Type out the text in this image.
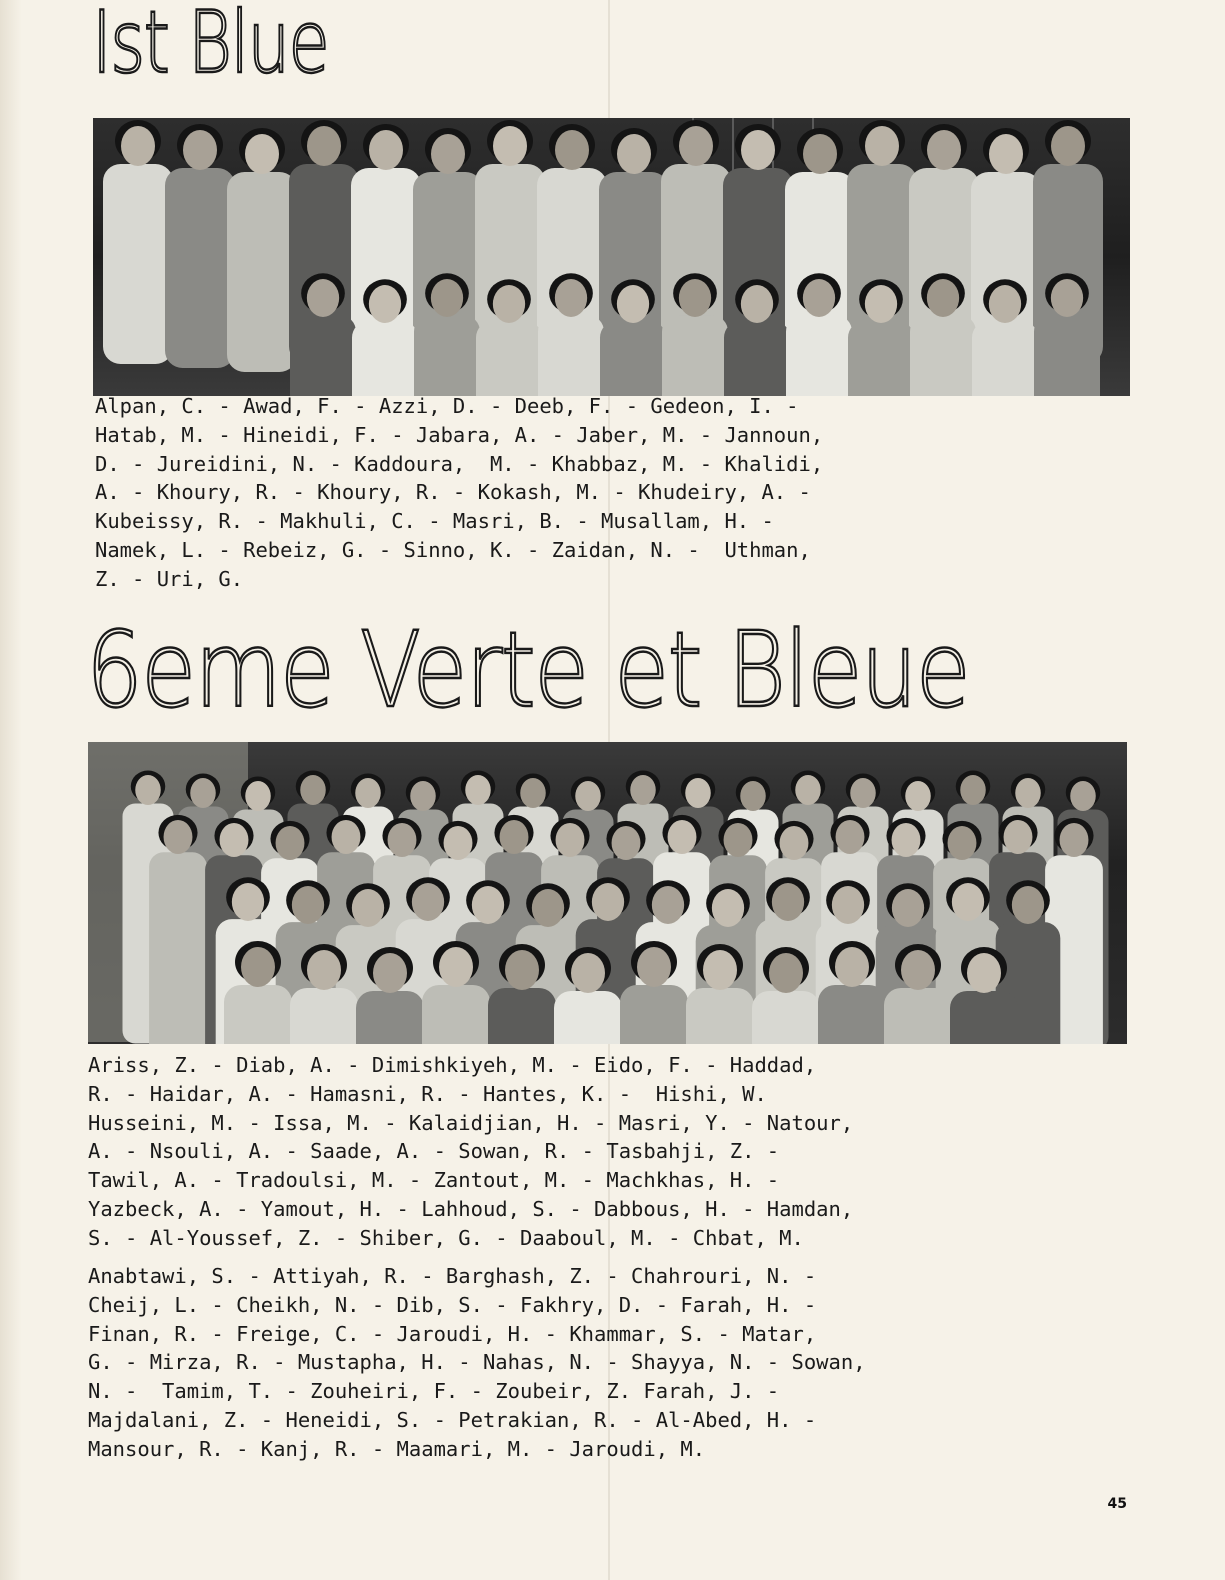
Ist Blue
Alpan, C. - Awad, F. - Azzi, D. - Deeb, F. - Gedeon, I. -
Hatab, M. - Hineidi, F. - Jabara, A. - Jaber, M. - Jannoun,
D. - Jureidini, N. - Kaddoura,  M. - Khabbaz, M. - Khalidi,
A. - Khoury, R. - Khoury, R. - Kokash, M. - Khudeiry, A. -
Kubeissy, R. - Makhuli, C. - Masri, B. - Musallam, H. -
Namek, L. - Rebeiz, G. - Sinno, K. - Zaidan, N. -  Uthman,
Z. - Uri, G.
6eme Verte et Bleue
Ariss, Z. - Diab, A. - Dimishkiyeh, M. - Eido, F. - Haddad,
R. - Haidar, A. - Hamasni, R. - Hantes, K. -  Hishi, W.
Husseini, M. - Issa, M. - Kalaidjian, H. - Masri, Y. - Natour,
A. - Nsouli, A. - Saade, A. - Sowan, R. - Tasbahji, Z. -
Tawil, A. - Tradoulsi, M. - Zantout, M. - Machkhas, H. -
Yazbeck, A. - Yamout, H. - Lahhoud, S. - Dabbous, H. - Hamdan,
S. - Al-Youssef, Z. - Shiber, G. - Daaboul, M. - Chbat, M.
Anabtawi, S. - Attiyah, R. - Barghash, Z. - Chahrouri, N. -
Cheij, L. - Cheikh, N. - Dib, S. - Fakhry, D. - Farah, H. -
Finan, R. - Freige, C. - Jaroudi, H. - Khammar, S. - Matar,
G. - Mirza, R. - Mustapha, H. - Nahas, N. - Shayya, N. - Sowan,
N. -  Tamim, T. - Zouheiri, F. - Zoubeir, Z. Farah, J. -
Majdalani, Z. - Heneidi, S. - Petrakian, R. - Al-Abed, H. -
Mansour, R. - Kanj, R. - Maamari, M. - Jaroudi, M.
45
